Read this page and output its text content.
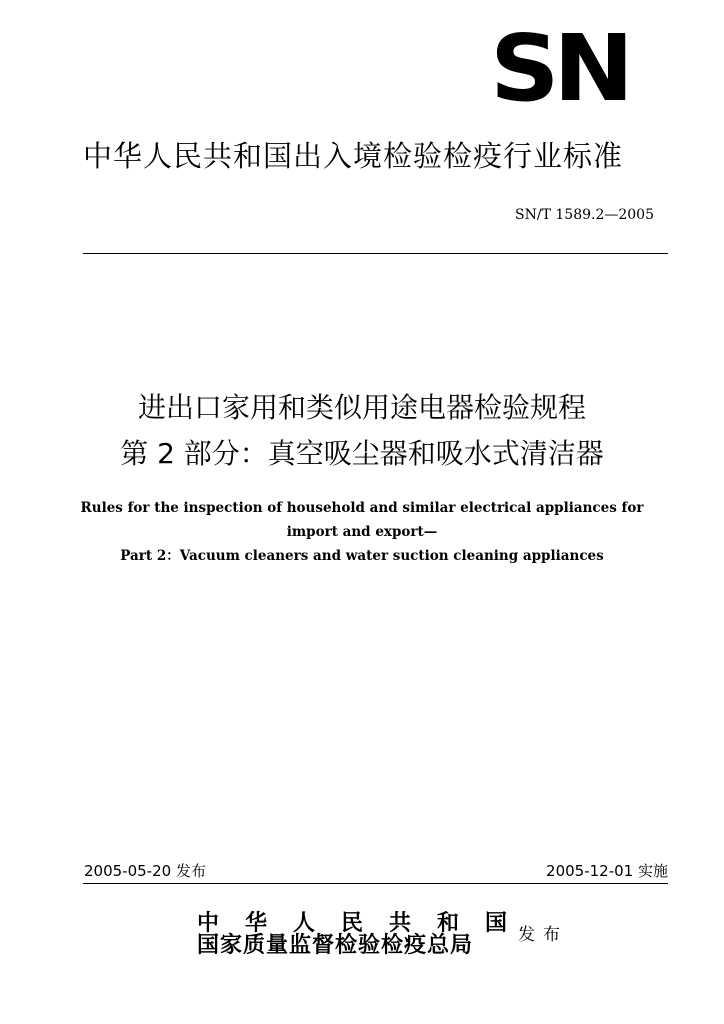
SN
中华人民共和国出入境检验检疫行业标准
SN/T 1589.2—2005
进出口家用和类似用途电器检验规程
第 2 部分：真空吸尘器和吸水式清洁器
Rules for the inspection of household and similar electrical appliances for
import and export—
Part 2：Vacuum cleaners and water suction cleaning appliances
2005-05-20 发布	2005-12-01 实施
中华人民共和国
国家质量监督检验检疫总局	发布
